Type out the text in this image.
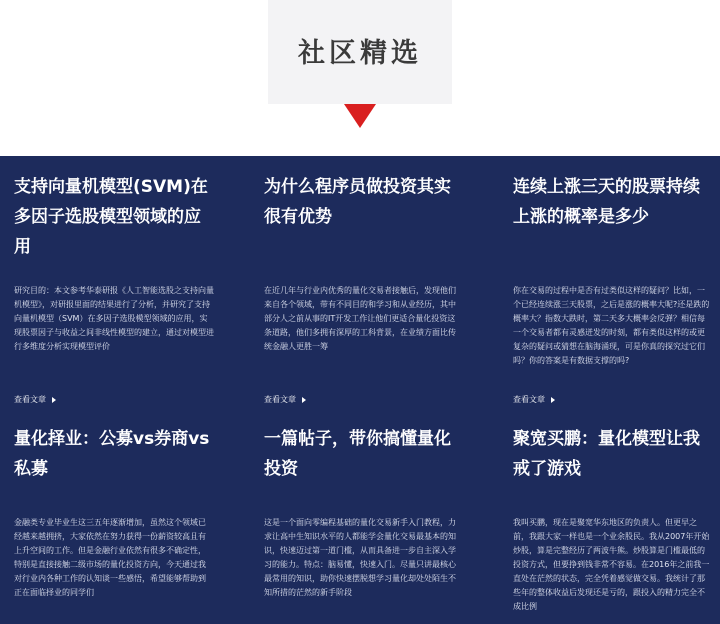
社区精选
支持向量机模型(SVM)在多因子选股模型领域的应用
研究目的：本文参考华泰研报《人工智能选股之支持向量机模型》，对研报里面的结果进行了分析，并研究了支持向量机模型（SVM）在多因子选股模型领域的应用，实现股票因子与收益之间非线性模型的建立，通过对模型进行多维度分析实现模型评价
查看文章
为什么程序员做投资其实很有优势
在近几年与行业内优秀的量化交易者接触后，发现他们来自各个领域，带有不同目的和学习和从业经历，其中部分人之前从事的IT开发工作让他们更适合量化投资这条道路，他们多拥有深厚的工科背景，在业绩方面比传统金融人更胜一筹
查看文章
连续上涨三天的股票持续上涨的概率是多少
你在交易的过程中是否有过类似这样的疑问？比如，一个已经连续涨三天股票，之后是涨的概率大呢?还是跌的概率大？指数大跌时，第二天多大概率会反弹？相信每一个交易者都有灵感迸发的时刻，都有类似这样的或更复杂的疑问或猜想在脑海涌现，可是你真的探究过它们吗？你的答案是有数据支撑的吗?
查看文章
量化择业：公募vs券商vs私募
金融类专业毕业生这三五年逐渐增加，虽然这个领域已经越来越拥挤，大家依然在努力获得一份薪资较高且有上升空间的工作。但是金融行业依然有很多不确定性，特别是直接接触二级市场的量化投资方向，今天通过我对行业内各种工作的认知谈一些感悟，希望能够帮助到正在面临择业的同学们
一篇帖子，带你搞懂量化投资
这是一个面向零编程基础的量化交易新手入门教程，力求让高中生知识水平的人都能学会量化交易最基本的知识，快速迈过第一道门槛，从而具备进一步自主深入学习的能力。特点：脑易懂，快速入门。尽量只讲最核心最常用的知识，助你快速摆脱想学习量化却处处陌生不知所措的茫然的新手阶段
聚宽买鹏：量化模型让我戒了游戏
我叫买鹏，现在是聚宽华东地区的负责人。但更早之前，我跟大家一样也是一个业余股民。我从2007年开始炒股，算是完整经历了两波牛熊。炒股算是门槛最低的投资方式，但要挣到钱非常不容易。在2016年之前我一直处在茫然的状态，完全凭着感觉做交易。我统计了那些年的整体收益后发现还是亏的，跟投入的精力完全不成比例
